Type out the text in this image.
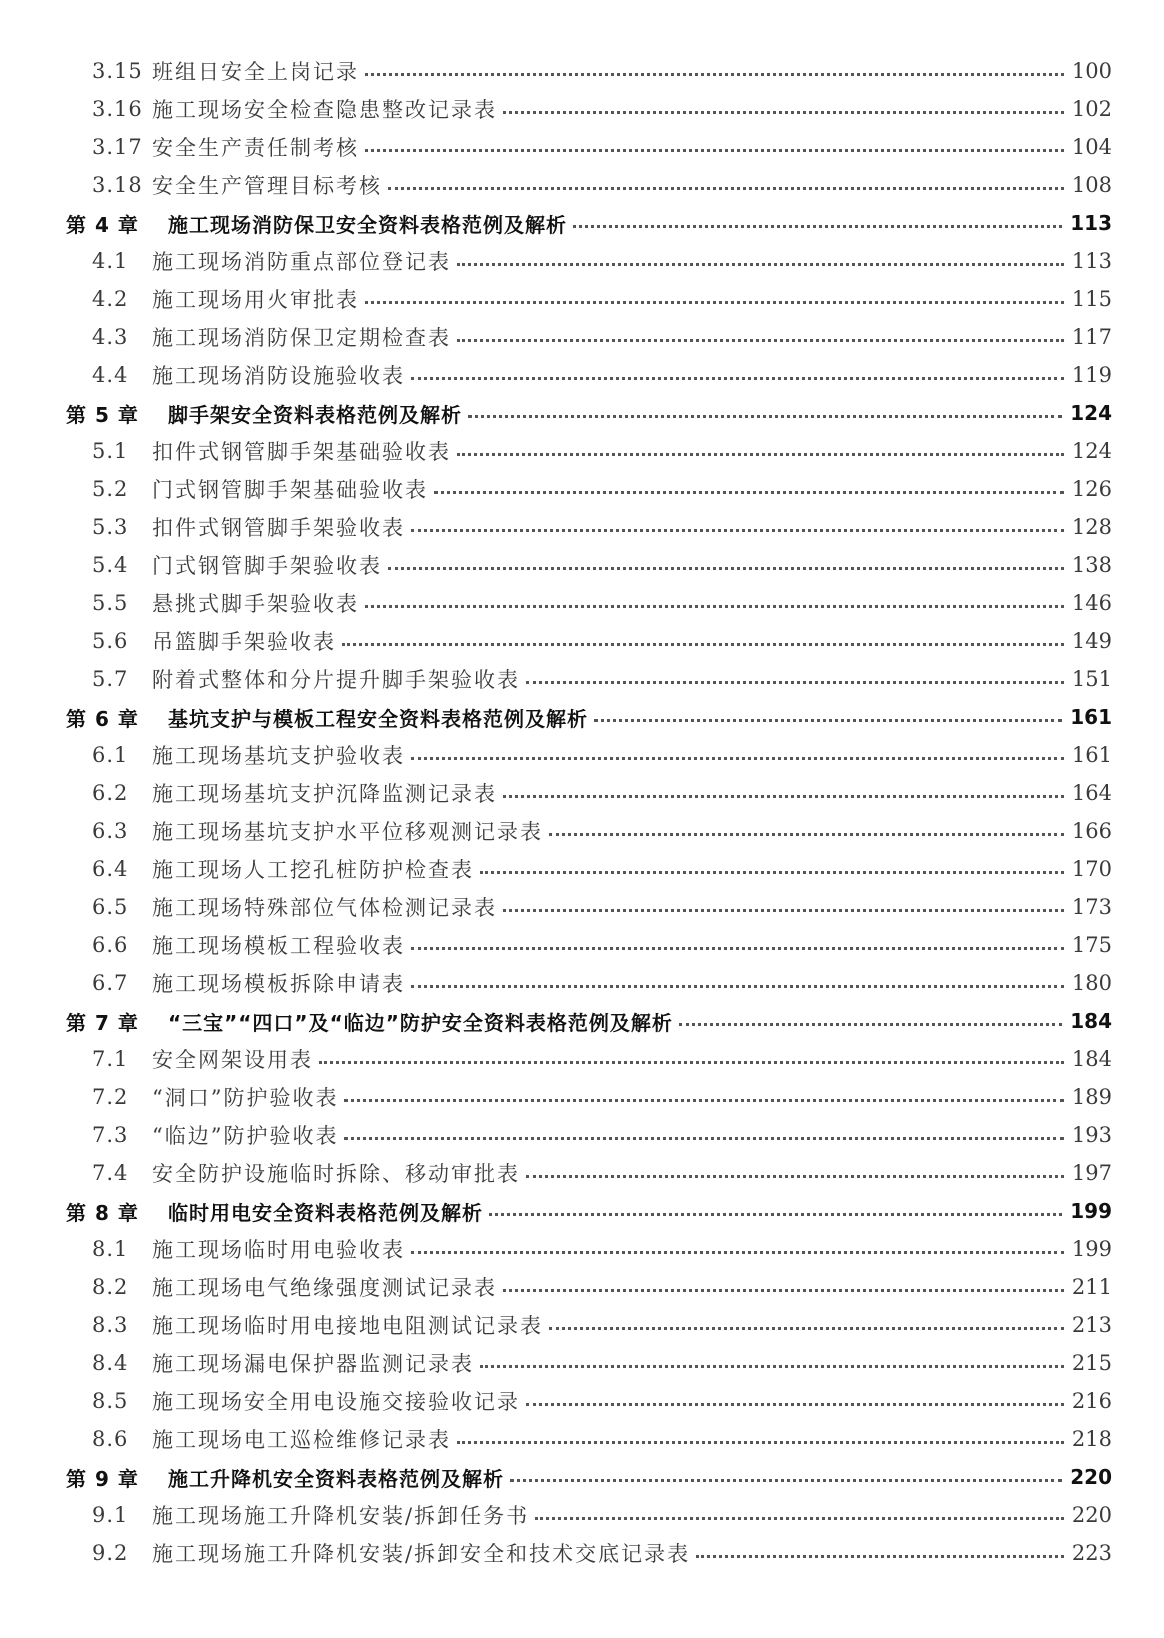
3.15 班组日安全上岗记录	100
3.16 施工现场安全检查隐患整改记录表	102
3.17 安全生产责任制考核	104
3.18 安全生产管理目标考核	108
第 4 章	施工现场消防保卫安全资料表格范例及解析	113
4.1	施工现场消防重点部位登记表	113
4.2	施工现场用火审批表	115
4.3	施工现场消防保卫定期检查表	117
4.4	施工现场消防设施验收表	119
第 5 章	脚手架安全资料表格范例及解析	124
5.1	扣件式钢管脚手架基础验收表	124
5.2	门式钢管脚手架基础验收表	126
5.3	扣件式钢管脚手架验收表	128
5.4	门式钢管脚手架验收表	138
5.5	悬挑式脚手架验收表	146
5.6	吊篮脚手架验收表	149
5.7	附着式整体和分片提升脚手架验收表	151
第 6 章	基坑支护与模板工程安全资料表格范例及解析	161
6.1	施工现场基坑支护验收表	161
6.2	施工现场基坑支护沉降监测记录表	164
6.3	施工现场基坑支护水平位移观测记录表	166
6.4	施工现场人工挖孔桩防护检查表	170
6.5	施工现场特殊部位气体检测记录表	173
6.6	施工现场模板工程验收表	175
6.7	施工现场模板拆除申请表	180
第 7 章	“三宝”“四口”及“临边”防护安全资料表格范例及解析	184
7.1	安全网架设用表	184
7.2	“洞口”防护验收表	189
7.3	“临边”防护验收表	193
7.4	安全防护设施临时拆除、移动审批表	197
第 8 章	临时用电安全资料表格范例及解析	199
8.1	施工现场临时用电验收表	199
8.2	施工现场电气绝缘强度测试记录表	211
8.3	施工现场临时用电接地电阻测试记录表	213
8.4	施工现场漏电保护器监测记录表	215
8.5	施工现场安全用电设施交接验收记录	216
8.6	施工现场电工巡检维修记录表	218
第 9 章	施工升降机安全资料表格范例及解析	220
9.1	施工现场施工升降机安装/拆卸任务书	220
9.2	施工现场施工升降机安装/拆卸安全和技术交底记录表	223
